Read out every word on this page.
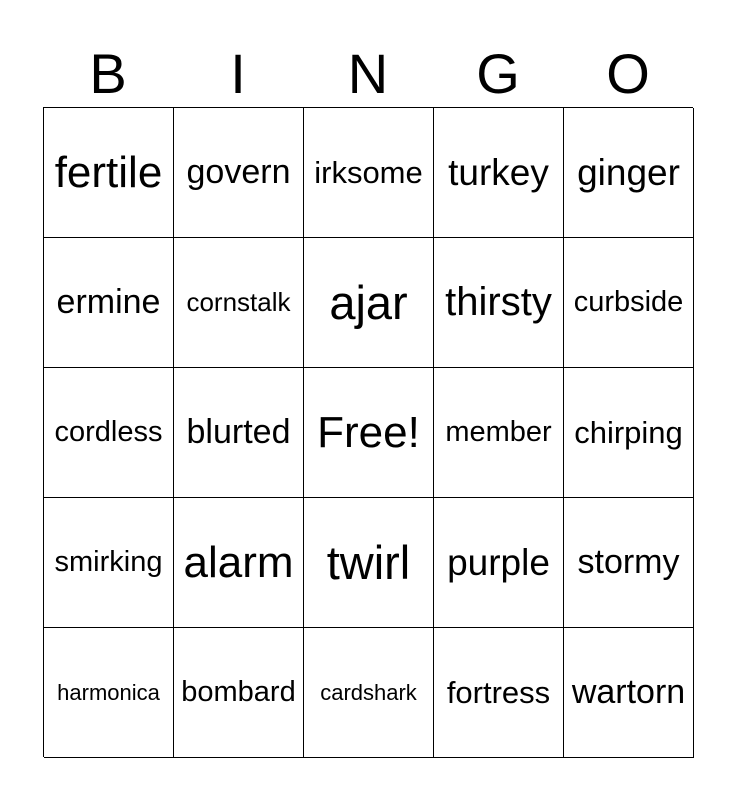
B	I	N	G	O
fertile govern irksome turkey ginger
ermine	cornstalk ajar thirsty curbside
cordless blurted Free! member chirping
smirking alarm twirl purple stormy
harmonica bombard	cardshark fortress wartorn
